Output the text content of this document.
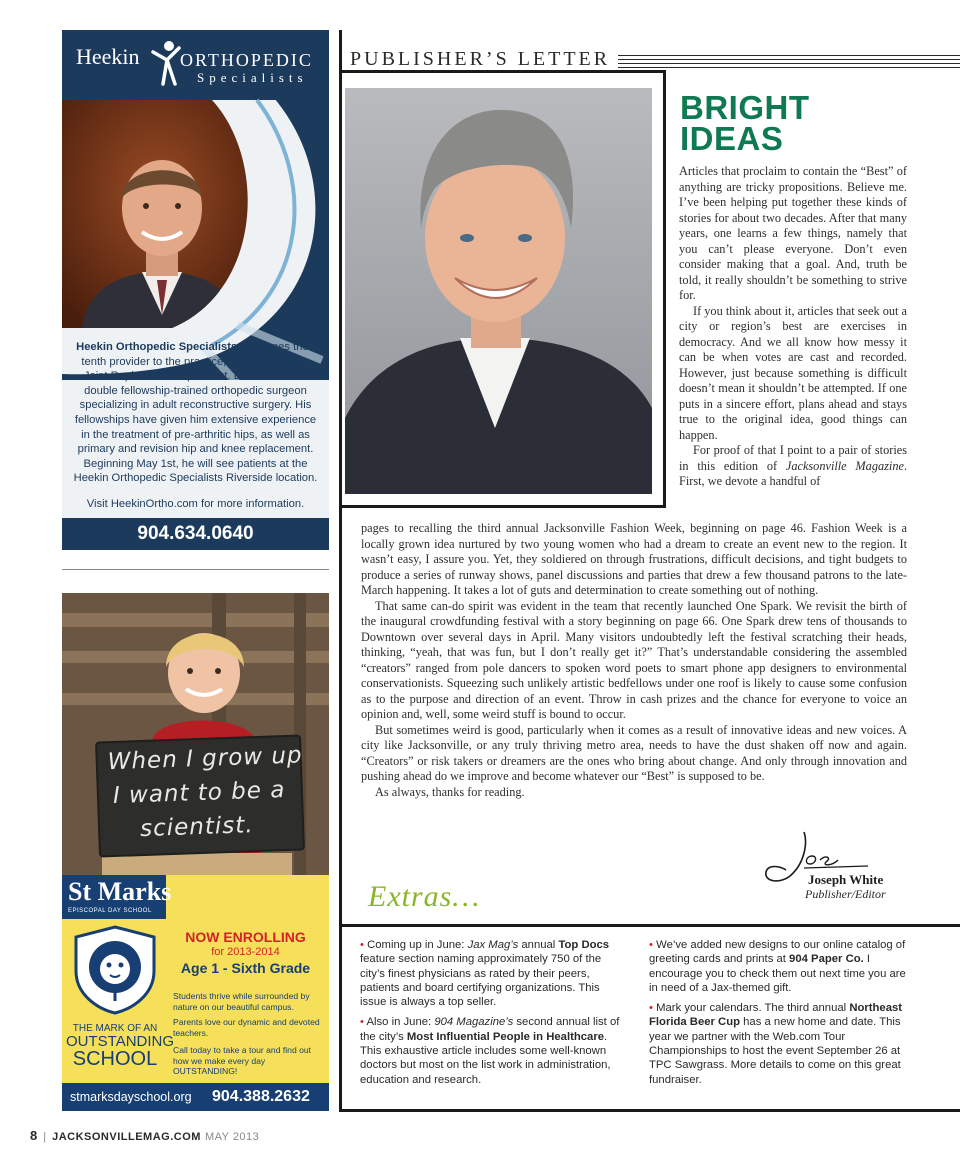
Heekin ORTHOPEDIC
Specialists

Heekin Orthopedic Specialists welcomes their tenth provider to the practice, Dr. Max Lincoln, Joint Replacement Specialist. Dr. Lincoln is a double fellowship-trained orthopedic surgeon specializing in adult reconstructive surgery. His fellowships have given him extensive experience in the treatment of pre-arthritic hips, as well as primary and revision hip and knee replacement. Beginning May 1st, he will see patients at the Heekin Orthopedic Specialists Riverside location.

Visit HeekinOrtho.com for more information.

904.634.0640
When I grow up
I want to be a
scientist.
St Marks
EPISCOPAL DAY SCHOOL
THE MARK OF AN
OUTSTANDING
SCHOOL
NOW ENROLLING
for 2013-2014
Age 1 - Sixth Grade

Students thrive while surrounded by nature on our beautiful campus.

Parents love our dynamic and devoted teachers.

Call today to take a tour and find out how we make every day OUTSTANDING!

stmarksdayschool.org 904.388.2632
PUBLISHER’S LETTER
BRIGHT
IDEAS

Articles that proclaim to contain the “Best” of anything are tricky propositions. Believe me. I’ve been helping put together these kinds of stories for about two decades. After that many years, one learns a few things, namely that you can’t please everyone. Don’t even consider making that a goal. And, truth be told, it really shouldn’t be something to strive for.

If you think about it, articles that seek out a city or region’s best are exercises in democracy. And we all know how messy it can be when votes are cast and recorded. However, just because something is difficult doesn’t mean it shouldn’t be attempted. If one puts in a sincere effort, plans ahead and stays true to the original idea, good things can happen.

For proof of that I point to a pair of stories in this edition of Jacksonville Magazine. First, we devote a handful of

pages to recalling the third annual Jacksonville Fashion Week, beginning on page 46. Fashion Week is a locally grown idea nurtured by two young women who had a dream to create an event new to the region. It wasn’t easy, I assure you. Yet, they soldiered on through frustrations, difficult decisions, and tight budgets to produce a series of runway shows, panel discussions and parties that drew a few thousand patrons to the late-March happening. It takes a lot of guts and determination to create something out of nothing.

That same can-do spirit was evident in the team that recently launched One Spark. We revisit the birth of the inaugural crowdfunding festival with a story beginning on page 66. One Spark drew tens of thousands to Downtown over several days in April. Many visitors undoubtedly left the festival scratching their heads, thinking, “yeah, that was fun, but I don’t really get it?” That’s understandable considering the assembled “creators” ranged from pole dancers to spoken word poets to smart phone app designers to environmental conservationists. Squeezing such unlikely artistic bedfellows under one roof is likely to cause some confusion as to the purpose and direction of an event. Throw in cash prizes and the chance for everyone to voice an opinion and, well, some weird stuff is bound to occur.

But sometimes weird is good, particularly when it comes as a result of innovative ideas and new voices. A city like Jacksonville, or any truly thriving metro area, needs to have the dust shaken off now and again. “Creators” or risk takers or dreamers are the ones who bring about change. And only through innovation and pushing ahead do we improve and become whatever our “Best” is supposed to be.

As always, thanks for reading.

Joseph White
Publisher/Editor
Extras…

• Coming up in June: Jax Mag’s annual Top Docs feature section naming approximately 750 of the city’s finest physicians as rated by their peers, patients and board certifying organizations. This issue is always a top seller.

• Also in June: 904 Magazine’s second annual list of the city’s Most Influential People in Healthcare. This exhaustive article includes some well-known doctors but most on the list work in administration, education and research.

• We’ve added new designs to our online catalog of greeting cards and prints at 904 Paper Co. I encourage you to check them out next time you are in need of a Jax-themed gift.

• Mark your calendars. The third annual Northeast Florida Beer Cup has a new home and date. This year we partner with the Web.com Tour Championships to host the event September 26 at TPC Sawgrass. More details to come on this great fundraiser.

8 | JACKSONVILLEMAG.COM MAY 2013
